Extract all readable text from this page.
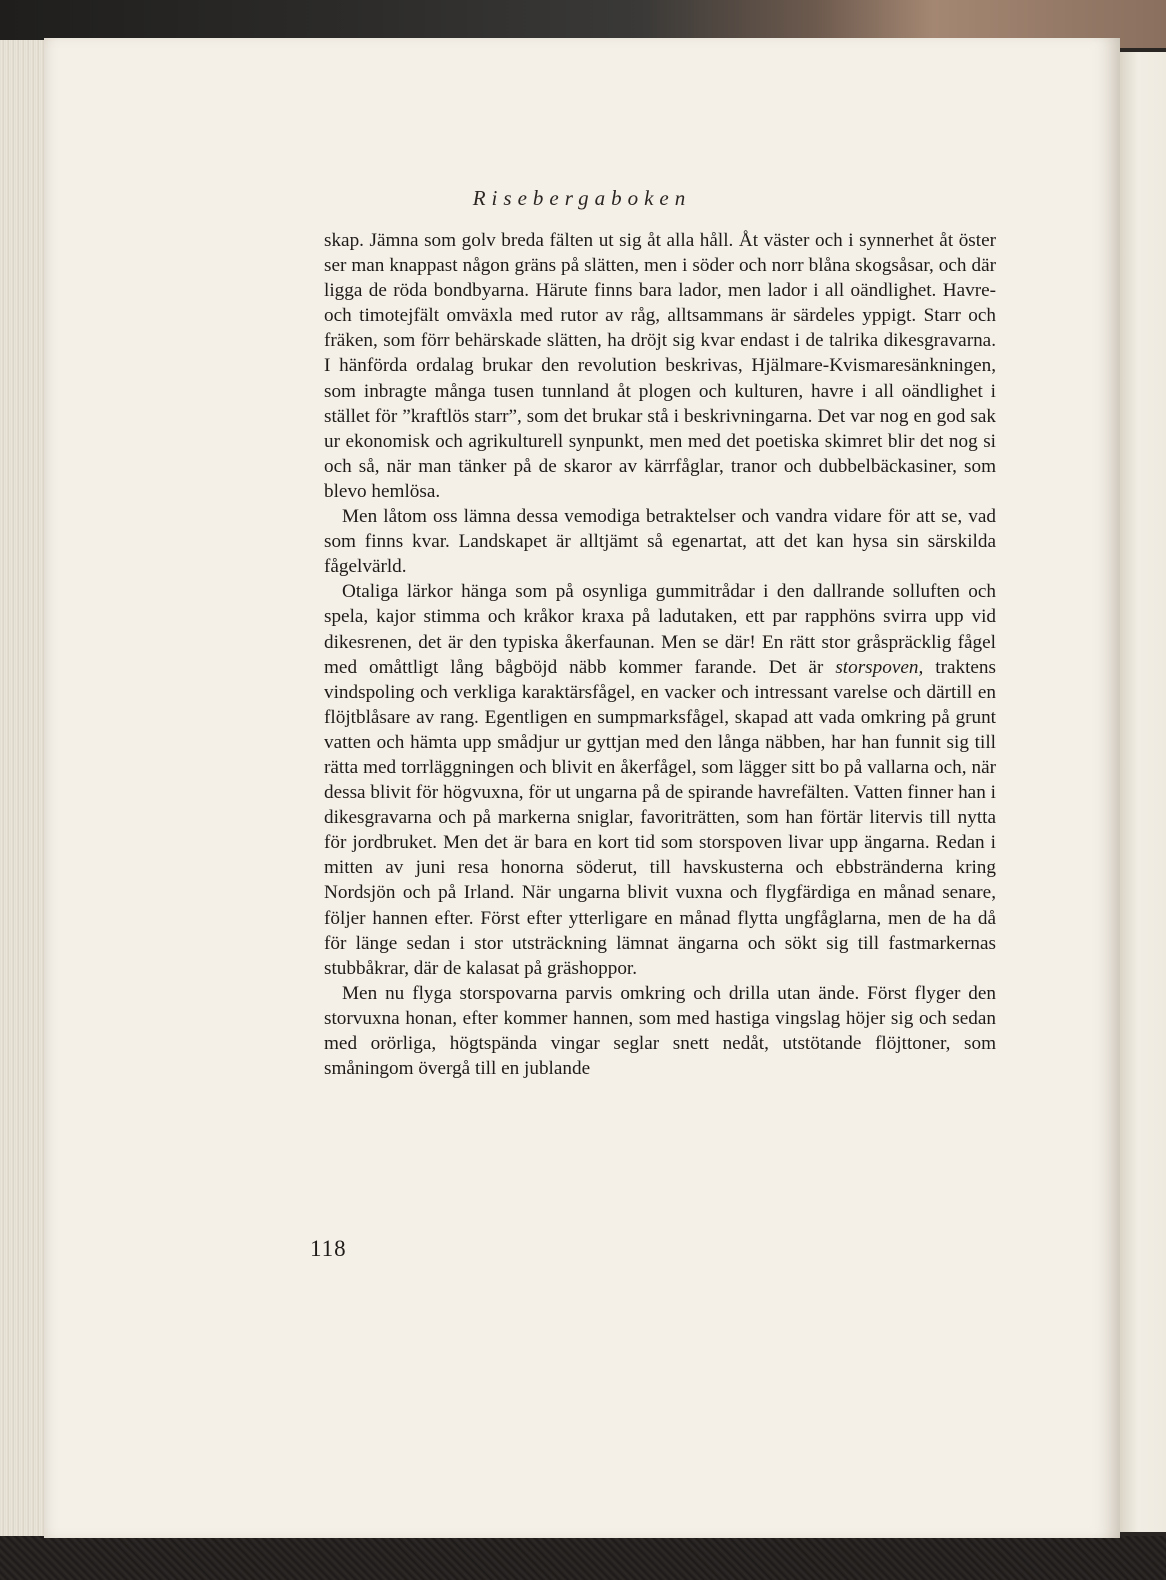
Risebergaboken

skap. Jämna som golv breda fälten ut sig åt alla håll. Åt väster och i synnerhet åt öster ser man knappast någon gräns på slätten, men i söder och norr blåna skogsåsar, och där ligga de röda bondbyarna. Härute finns bara lador, men lador i all oändlighet. Havre- och timotejfält omväxla med rutor av råg, alltsammans är särdeles yppigt. Starr och fräken, som förr behärskade slätten, ha dröjt sig kvar endast i de talrika dikesgravarna. I hänförda ordalag brukar den revolution beskrivas, Hjälmare-Kvismaresänkningen, som inbragte många tusen tunnland åt plogen och kulturen, havre i all oändlighet i stället för ”kraftlös starr”, som det brukar stå i beskrivningarna. Det var nog en god sak ur ekonomisk och agrikulturell synpunkt, men med det poetiska skimret blir det nog si och så, när man tänker på de skaror av kärrfåglar, tranor och dubbelbäckasiner, som blevo hemlösa.

Men låtom oss lämna dessa vemodiga betraktelser och vandra vidare för att se, vad som finns kvar. Landskapet är alltjämt så egenartat, att det kan hysa sin särskilda fågelvärld.

Otaliga lärkor hänga som på osynliga gummitrådar i den dallrande solluften och spela, kajor stimma och kråkor kraxa på ladutaken, ett par rapphöns svirra upp vid dikesrenen, det är den typiska åkerfaunan. Men se där! En rätt stor gråspräcklig fågel med omåttligt lång bågböjd näbb kommer farande. Det är storspoven, traktens vindspoling och verkliga karaktärsfågel, en vacker och intressant varelse och därtill en flöjtblåsare av rang. Egentligen en sumpmarksfågel, skapad att vada omkring på grunt vatten och hämta upp smådjur ur gyttjan med den långa näbben, har han funnit sig till rätta med torrläggningen och blivit en åkerfågel, som lägger sitt bo på vallarna och, när dessa blivit för högvuxna, för ut ungarna på de spirande havrefälten. Vatten finner han i dikesgravarna och på markerna sniglar, favoriträtten, som han förtär litervis till nytta för jordbruket. Men det är bara en kort tid som storspoven livar upp ängarna. Redan i mitten av juni resa honorna söderut, till havskusterna och ebbstränderna kring Nordsjön och på Irland. När ungarna blivit vuxna och flygfärdiga en månad senare, följer hannen efter. Först efter ytterligare en månad flytta ungfåglarna, men de ha då för länge sedan i stor utsträckning lämnat ängarna och sökt sig till fastmarkernas stubbåkrar, där de kalasat på gräshoppor.

Men nu flyga storspovarna parvis omkring och drilla utan ände. Först flyger den storvuxna honan, efter kommer hannen, som med hastiga vingslag höjer sig och sedan med orörliga, högtspända vingar seglar snett nedåt, utstötande flöjttoner, som småningom övergå till en jublande

118
